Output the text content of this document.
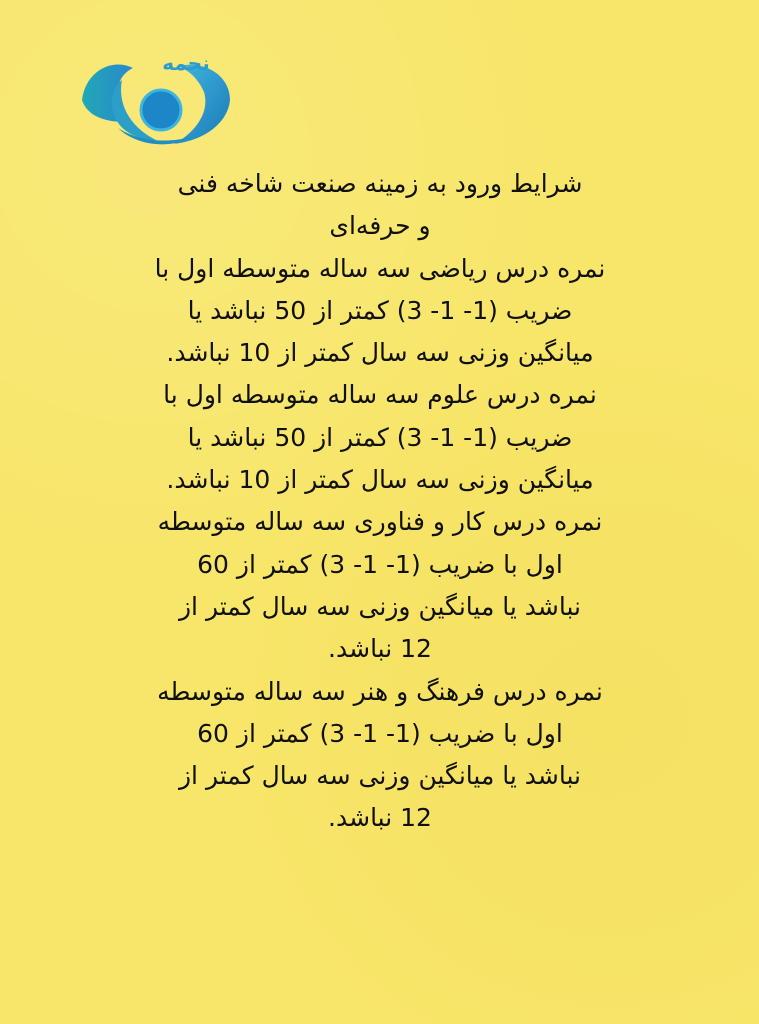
نجمه
شرایط ورود به زمینه صنعت شاخه فنی
و حرفه‌ای
نمره درس ریاضی سه ساله متوسطه اول با
ضریب (1- 1- 3) کمتر از 50 نباشد یا
میانگین وزنی سه سال کمتر از 10 نباشد.
نمره درس علوم سه ساله متوسطه اول با
ضریب (1- 1- 3) کمتر از 50 نباشد یا
میانگین وزنی سه سال کمتر از 10 نباشد.
نمره درس کار و فناوری سه ساله متوسطه
اول با ضریب (1- 1- 3) کمتر از 60
نباشد یا میانگین وزنی سه سال کمتر از
12 نباشد.
نمره درس فرهنگ و هنر سه ساله متوسطه
اول با ضریب (1- 1- 3) کمتر از 60
نباشد یا میانگین وزنی سه سال کمتر از
12 نباشد.
